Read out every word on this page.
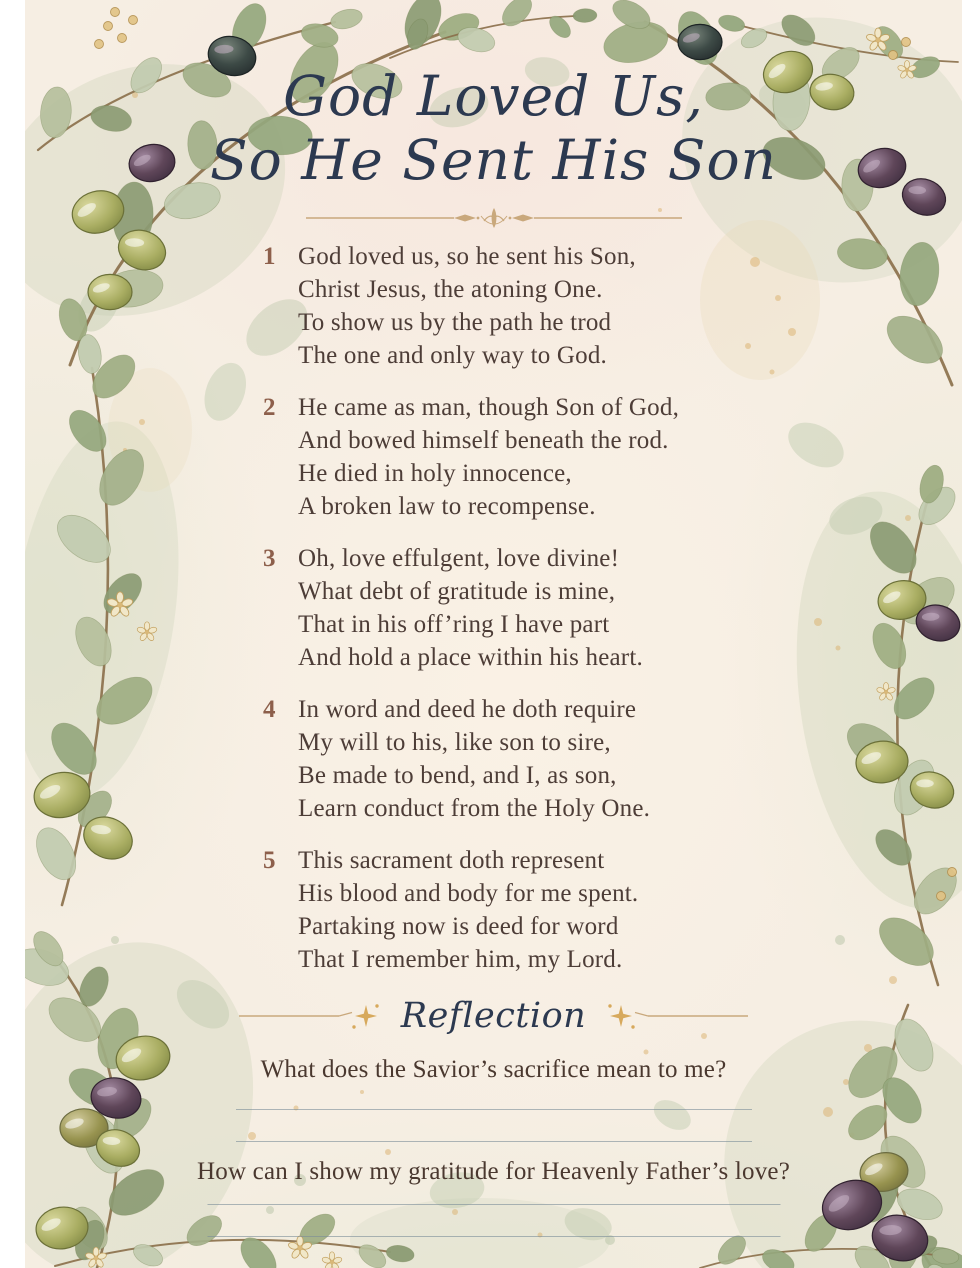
God Loved Us,
So He Sent His Son
1 God loved us, so he sent his Son,
Christ Jesus, the atoning One.
To show us by the path he trod
The one and only way to God.
2 He came as man, though Son of God,
And bowed himself beneath the rod.
He died in holy innocence,
A broken law to recompense.
3 Oh, love effulgent, love divine!
What debt of gratitude is mine,
That in his off’ring I have part
And hold a place within his heart.
4 In word and deed he doth require
My will to his, like son to sire,
Be made to bend, and I, as son,
Learn conduct from the Holy One.
5 This sacrament doth represent
His blood and body for me spent.
Partaking now is deed for word
That I remember him, my Lord.
Reflection
What does the Savior’s sacrifice mean to me?
How can I show my gratitude for Heavenly Father’s love?
